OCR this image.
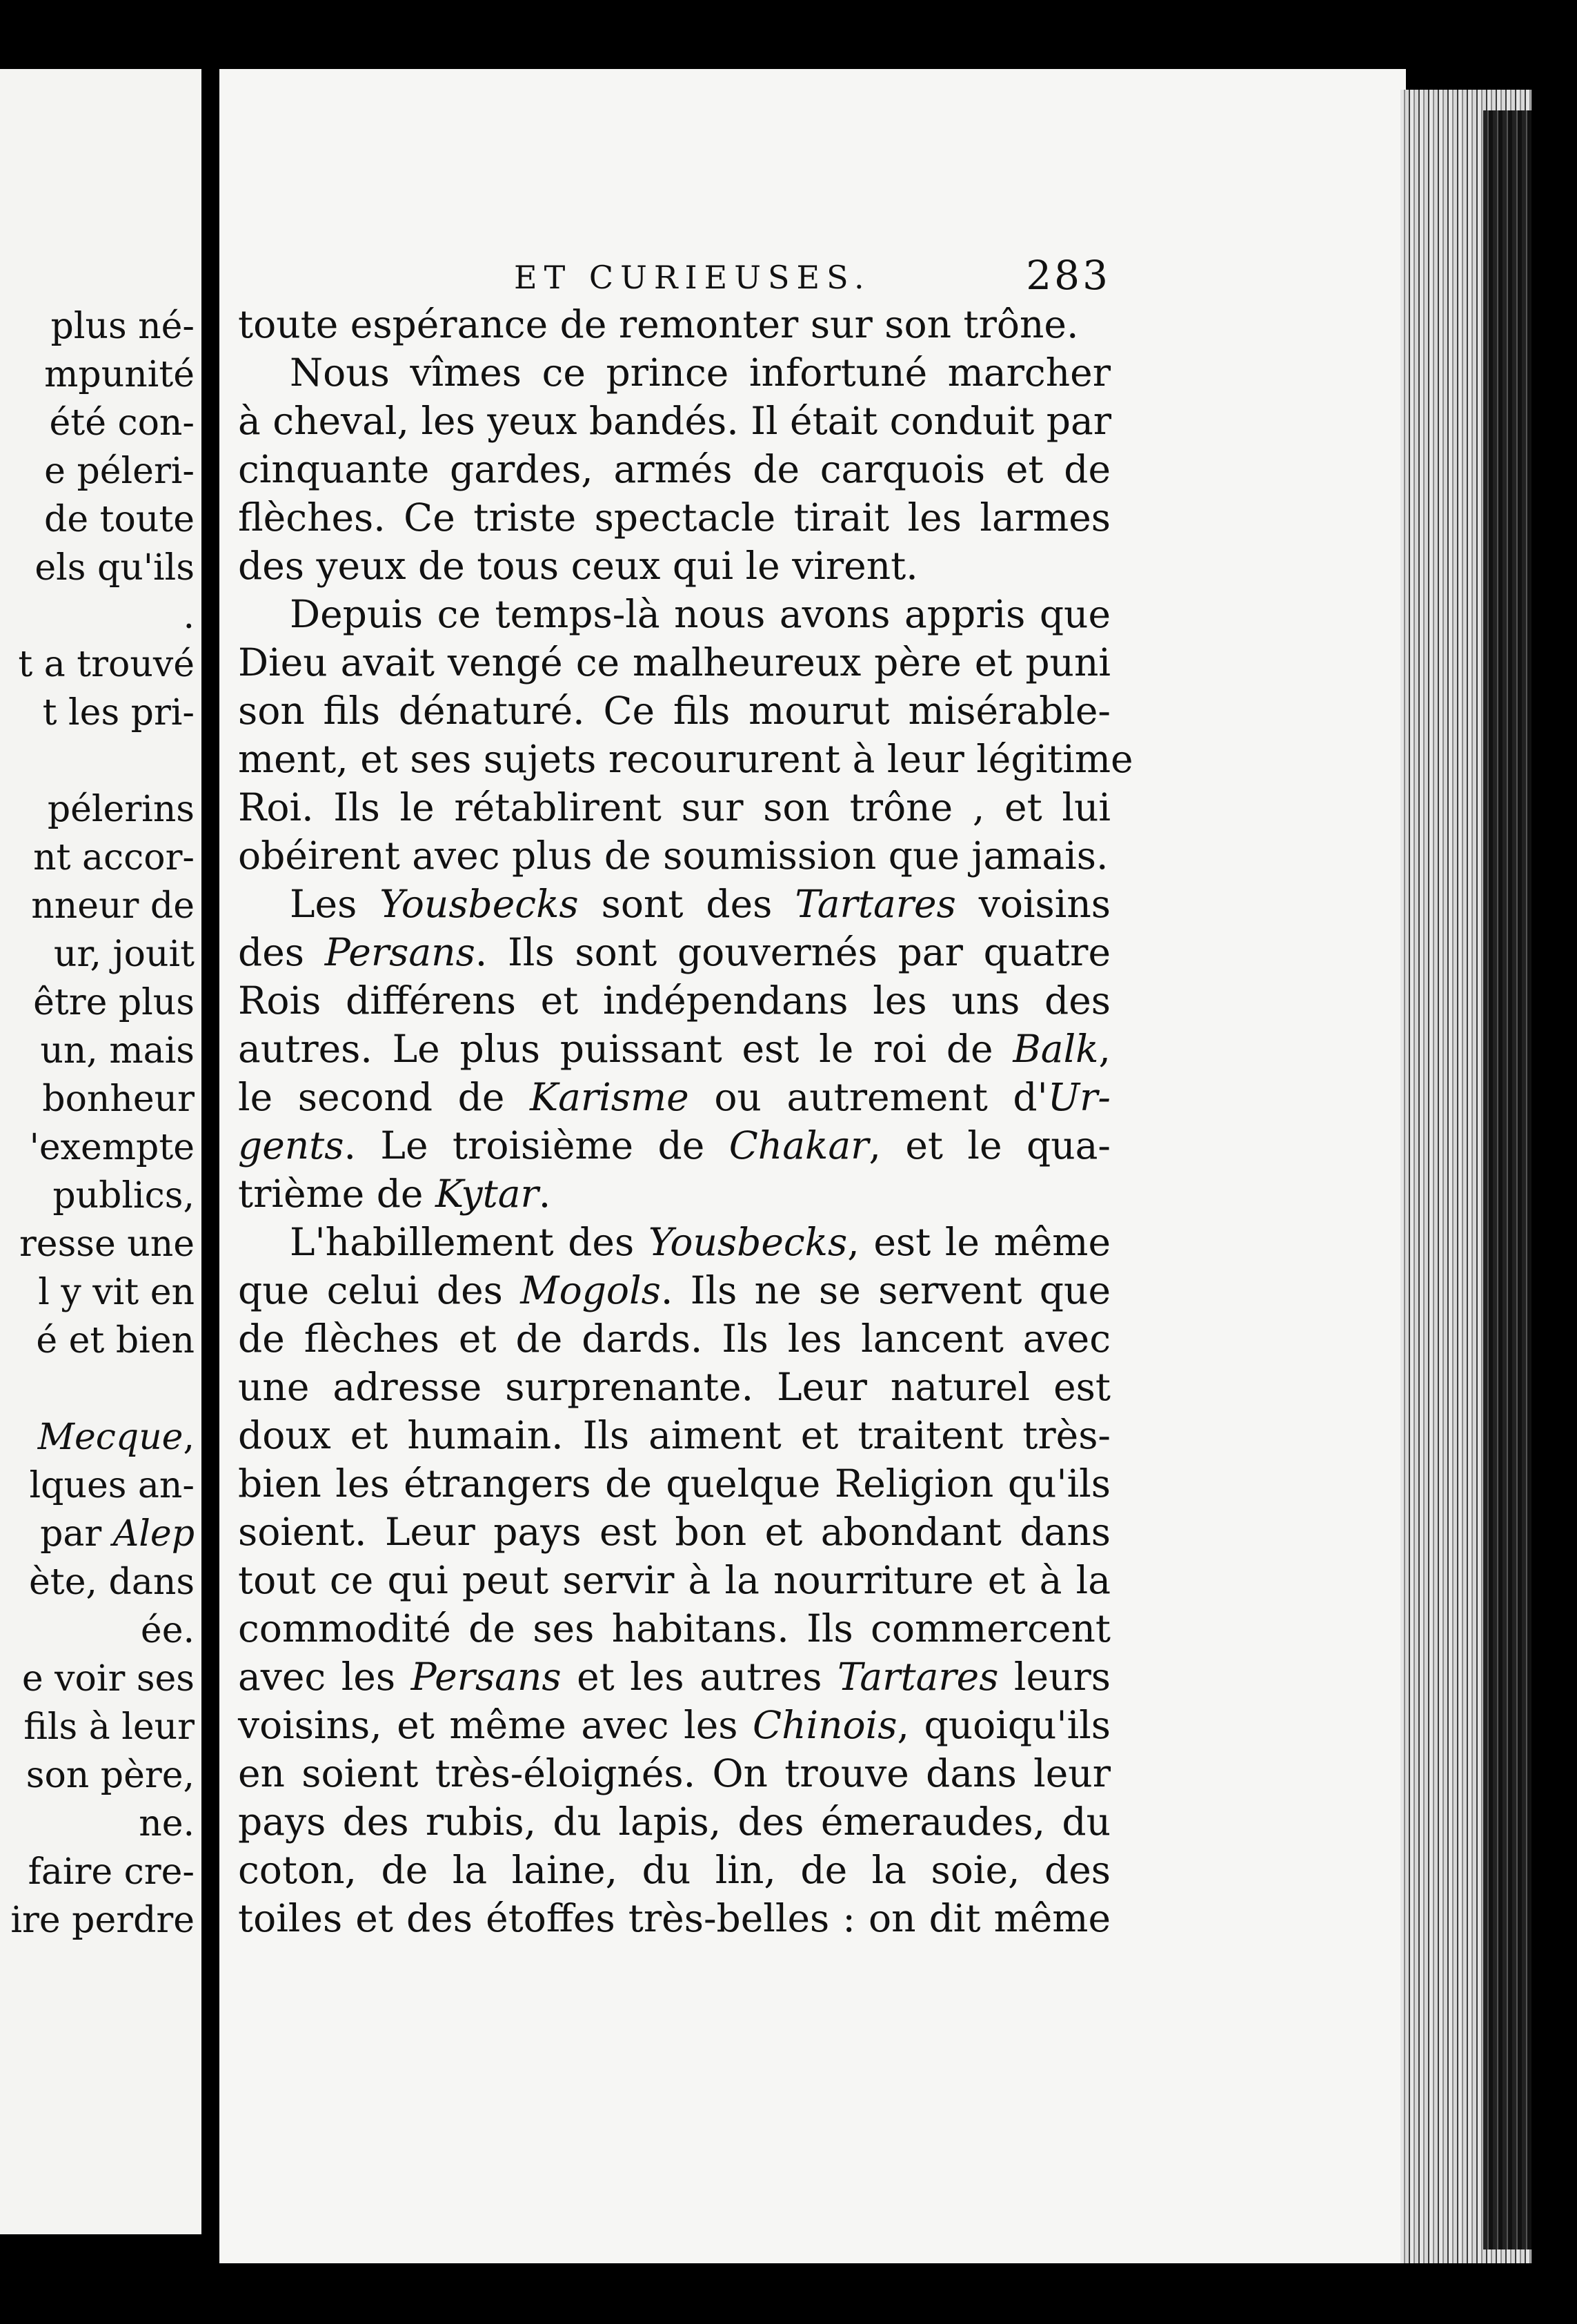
plus né-
mpunité
été con-
e péleri-
de toute
els qu'ils
.
t a trouvé
t les pri-
pélerins
nt accor-
nneur de
ur, jouit
être plus
un, mais
bonheur
'exempte
publics,
resse une
l y vit en
é et bien
Mecque,
lques an-
par Alep
ète, dans
ée.
e voir ses
fils à leur
son père,
ne.
faire cre-
ire perdre
ET CURIEUSES.	283
toute espérance de remonter sur son trône.
Nous vîmes ce prince infortuné marcher
à cheval, les yeux bandés. Il était conduit par
cinquante gardes, armés de carquois et de
flèches. Ce triste spectacle tirait les larmes
des yeux de tous ceux qui le virent.
Depuis ce temps-là nous avons appris que
Dieu avait vengé ce malheureux père et puni
son fils dénaturé. Ce fils mourut misérable-
ment, et ses sujets recoururent à leur légitime
Roi. Ils le rétablirent sur son trône , et lui
obéirent avec plus de soumission que jamais.
Les Yousbecks sont des Tartares voisins
des Persans. Ils sont gouvernés par quatre
Rois différens et indépendans les uns des
autres. Le plus puissant est le roi de Balk,
le second de Karisme ou autrement d'Ur-
gents. Le troisième de Chakar, et le qua-
trième de Kytar.
L'habillement des Yousbecks, est le même
que celui des Mogols. Ils ne se servent que
de flèches et de dards. Ils les lancent avec
une adresse surprenante. Leur naturel est
doux et humain. Ils aiment et traitent très-
bien les étrangers de quelque Religion qu'ils
soient. Leur pays est bon et abondant dans
tout ce qui peut servir à la nourriture et à la
commodité de ses habitans. Ils commercent
avec les Persans et les autres Tartares leurs
voisins, et même avec les Chinois, quoiqu'ils
en soient très-éloignés. On trouve dans leur
pays des rubis, du lapis, des émeraudes, du
coton, de la laine, du lin, de la soie, des
toiles et des étoffes très-belles : on dit même
